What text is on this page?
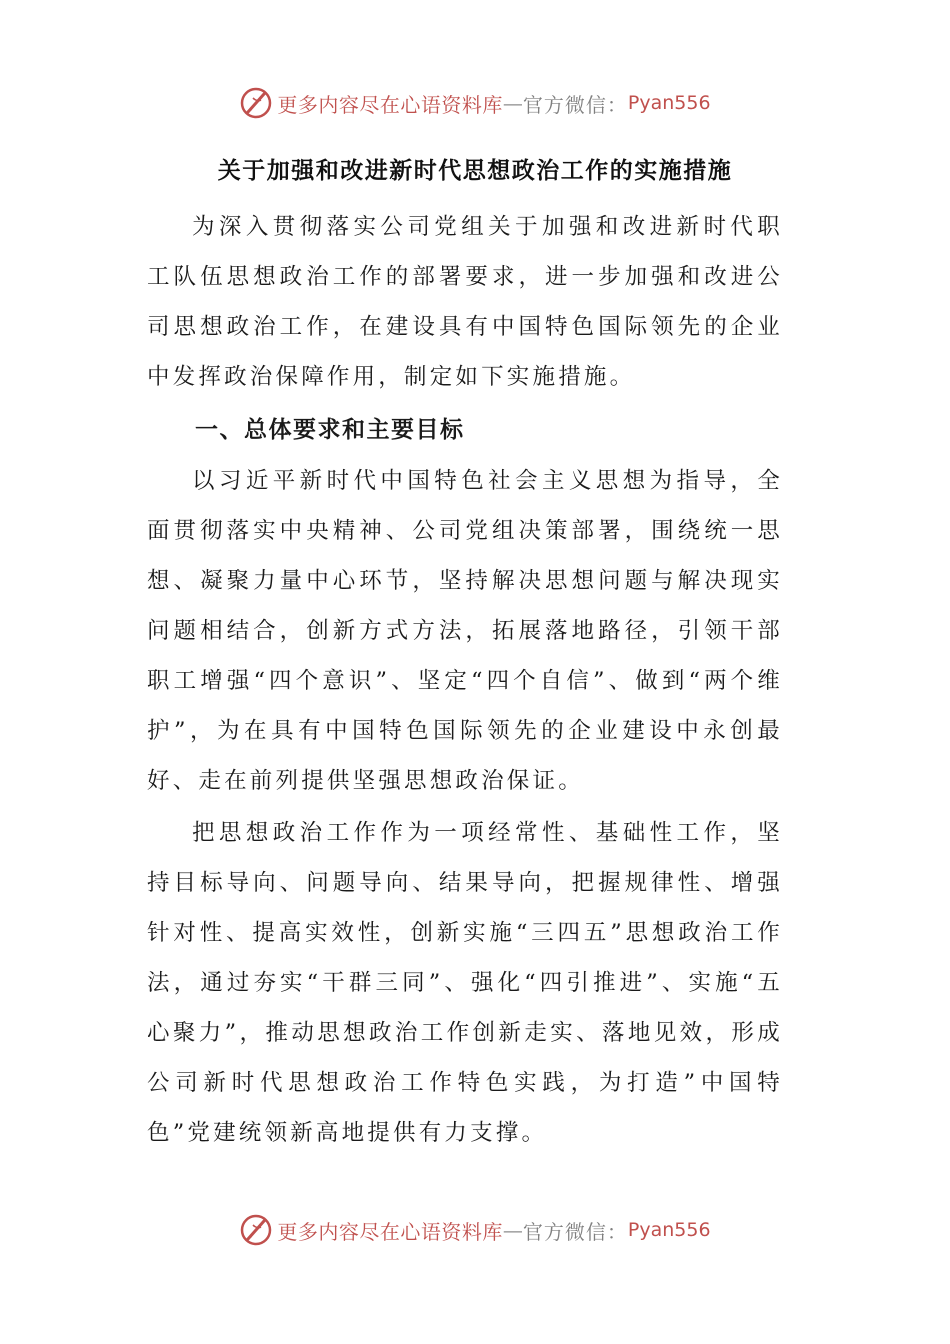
更多内容尽在心语资料库 — 官方微信： Pyan556
关于加强和改进新时代思想政治工作的实施措施

为深入贯彻落实公司党组关于加强和改进新时代职工队伍思想政治工作的部署要求，进一步加强和改进公司思想政治工作，在建设具有中国特色国际领先的企业中发挥政治保障作用，制定如下实施措施。

一、总体要求和主要目标

以习近平新时代中国特色社会主义思想为指导，全面贯彻落实中央精神、公司党组决策部署，围绕统一思想、凝聚力量中心环节，坚持解决思想问题与解决现实问题相结合，创新方式方法，拓展落地路径，引领干部职工增强“四个意识”、坚定“四个自信”、做到“两个维护”，为在具有中国特色国际领先的企业建设中永创最好、走在前列提供坚强思想政治保证。

把思想政治工作作为一项经常性、基础性工作，坚持目标导向、问题导向、结果导向，把握规律性、增强针对性、提高实效性，创新实施“三四五”思想政治工作法，通过夯实“干群三同”、强化“四引推进”、实施“五心聚力”，推动思想政治工作创新走实、落地见效，形成公司新时代思想政治工作特色实践，为打造”中国特色”党建统领新高地提供有力支撑。

更多内容尽在心语资料库 — 官方微信： Pyan556
